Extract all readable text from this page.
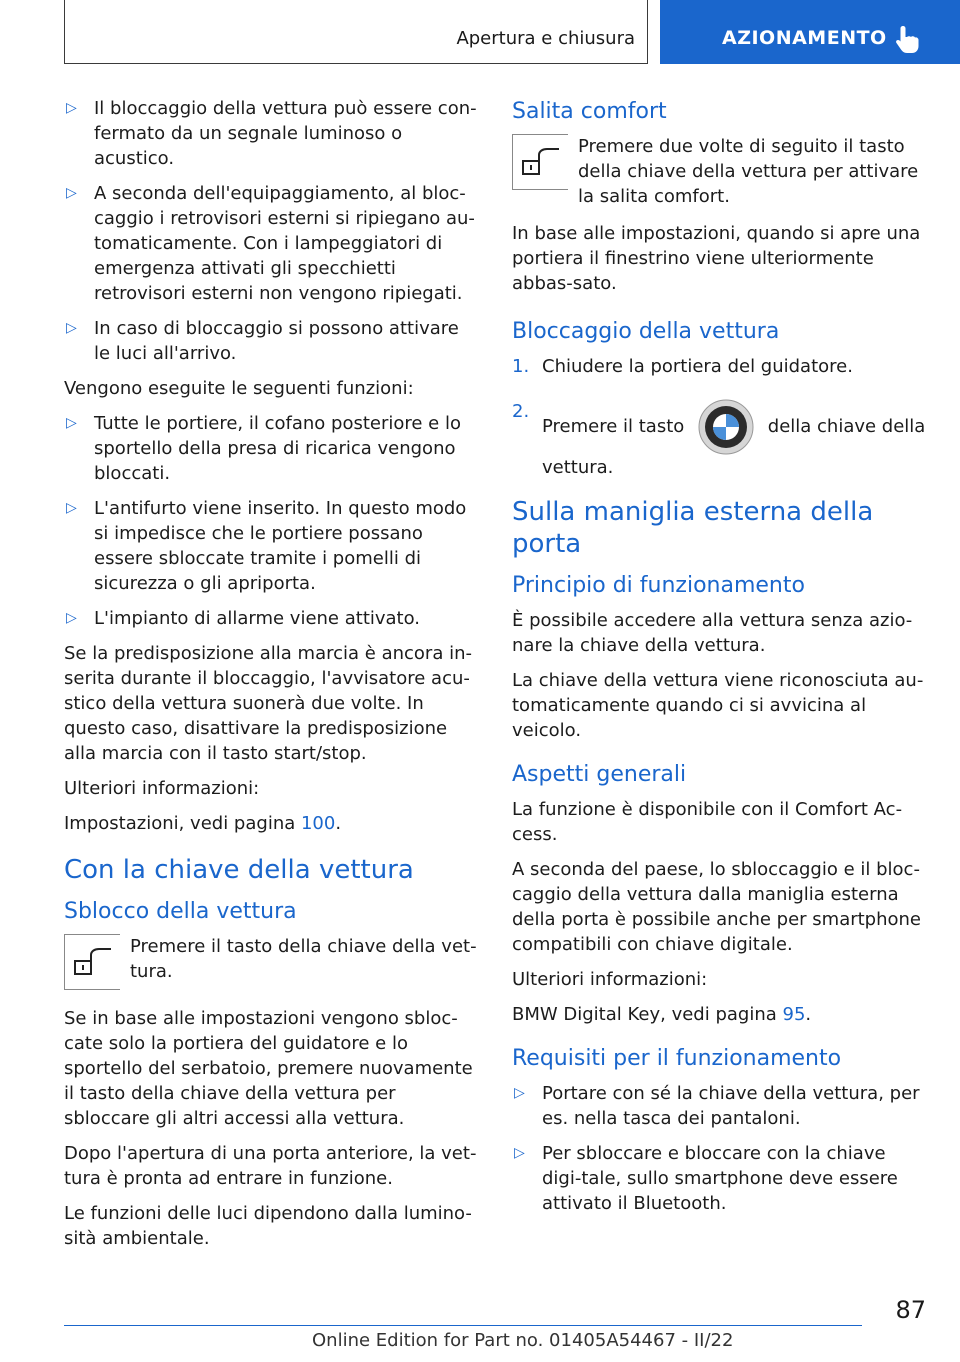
Apertura e chiusura	AZIONAMENTO
▷ Il bloccaggio della vettura può essere con-fermato da un segnale luminoso o acustico.
▷ A seconda dell'equipaggiamento, al bloc-caggio i retrovisori esterni si ripiegano au-tomaticamente. Con i lampeggiatori di emergenza attivati gli specchietti retrovisori esterni non vengono ripiegati.
▷ In caso di bloccaggio si possono attivare le luci all'arrivo.

Vengono eseguite le seguenti funzioni:

▷ Tutte le portiere, il cofano posteriore e lo sportello della presa di ricarica vengono bloccati.
▷ L'antifurto viene inserito. In questo modo si impedisce che le portiere possano essere sbloccate tramite i pomelli di sicurezza o gli apriporta.
▷ L'impianto di allarme viene attivato.

Se la predisposizione alla marcia è ancora in-serita durante il bloccaggio, l'avvisatore acu-stico della vettura suonerà due volte. In questo caso, disattivare la predisposizione alla marcia con il tasto start/stop.

Ulteriori informazioni:

Impostazioni, vedi pagina 100.

Con la chiave della vettura
Sblocco della vettura

Premere il tasto della chiave della vet-tura.

Se in base alle impostazioni vengono sbloc-cate solo la portiera del guidatore e lo sportello del serbatoio, premere nuovamente il tasto della chiave della vettura per sbloccare gli altri accessi alla vettura.

Dopo l'apertura di una porta anteriore, la vet-tura è pronta ad entrare in funzione.

Le funzioni delle luci dipendono dalla lumino-sità ambientale.

Salita comfort

Premere due volte di seguito il tasto della chiave della vettura per attivare la salita comfort.

In base alle impostazioni, quando si apre una portiera il finestrino viene ulteriormente abbas-sato.

Bloccaggio della vettura
1. Chiudere la portiera del guidatore.
2.
Premere il tasto	della chiave della vettura.
Sulla maniglia esterna della porta
Principio di funzionamento

È possibile accedere alla vettura senza azio-nare la chiave della vettura.

La chiave della vettura viene riconosciuta au-tomaticamente quando ci si avvicina al veicolo.

Aspetti generali

La funzione è disponibile con il Comfort Ac-cess.

A seconda del paese, lo sbloccaggio e il bloc-caggio della vettura dalla maniglia esterna della porta è possibile anche per smartphone compatibili con chiave digitale.

Ulteriori informazioni:

BMW Digital Key, vedi pagina 95.

Requisiti per il funzionamento
▷ Portare con sé la chiave della vettura, per es. nella tasca dei pantaloni.
▷ Per sbloccare e bloccare con la chiave digi-tale, sullo smartphone deve essere attivato il Bluetooth.
87
Online Edition for Part no. 01405A54467 - II/22
